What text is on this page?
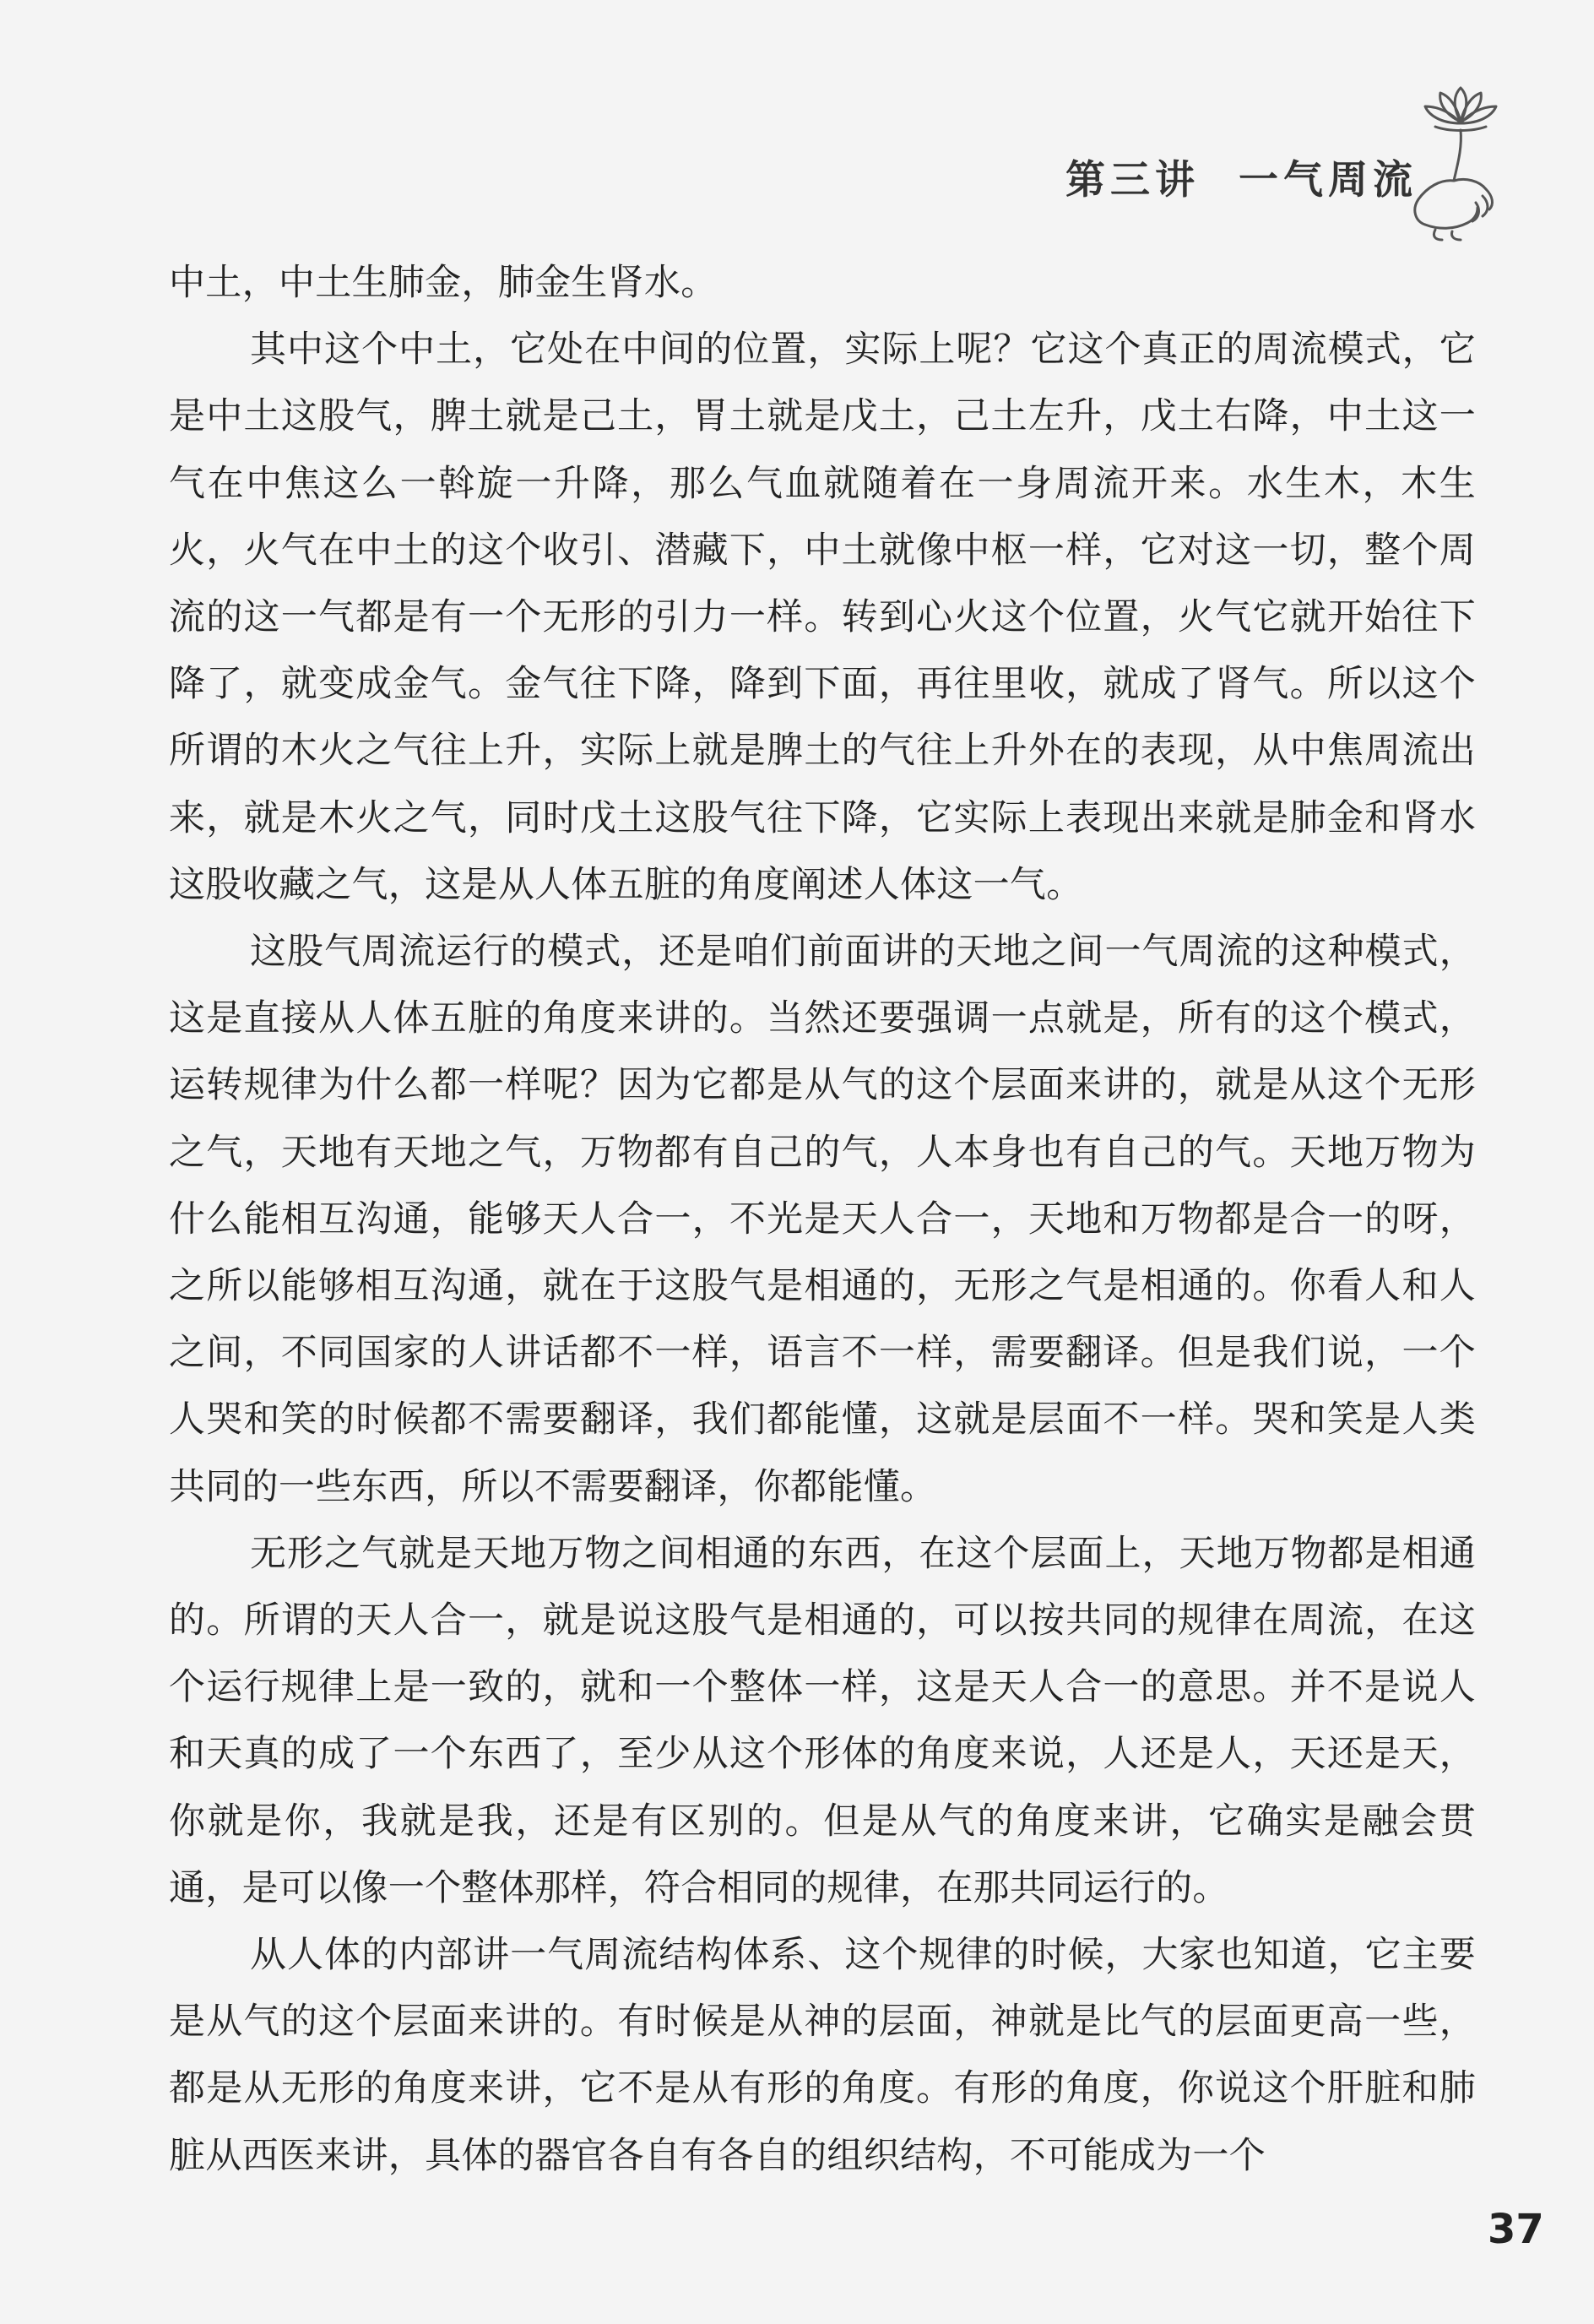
第三讲 一气周流

中土，中土生肺金，肺金生肾水。

其中这个中土，它处在中间的位置，实际上呢？它这个真正的周流模式，它是中土这股气，脾土就是己土，胃土就是戊土，己土左升，戊土右降，中土这一气在中焦这么一斡旋一升降，那么气血就随着在一身周流开来。水生木，木生火，火气在中土的这个收引、潜藏下，中土就像中枢一样，它对这一切，整个周流的这一气都是有一个无形的引力一样。转到心火这个位置，火气它就开始往下降了，就变成金气。金气往下降，降到下面，再往里收，就成了肾气。所以这个所谓的木火之气往上升，实际上就是脾土的气往上升外在的表现，从中焦周流出来，就是木火之气，同时戊土这股气往下降，它实际上表现出来就是肺金和肾水这股收藏之气，这是从人体五脏的角度阐述人体这一气。

这股气周流运行的模式，还是咱们前面讲的天地之间一气周流的这种模式，这是直接从人体五脏的角度来讲的。当然还要强调一点就是，所有的这个模式，运转规律为什么都一样呢？因为它都是从气的这个层面来讲的，就是从这个无形之气，天地有天地之气，万物都有自己的气，人本身也有自己的气。天地万物为什么能相互沟通，能够天人合一，不光是天人合一，天地和万物都是合一的呀，之所以能够相互沟通，就在于这股气是相通的，无形之气是相通的。你看人和人之间，不同国家的人讲话都不一样，语言不一样，需要翻译。但是我们说，一个人哭和笑的时候都不需要翻译，我们都能懂，这就是层面不一样。哭和笑是人类共同的一些东西，所以不需要翻译，你都能懂。

无形之气就是天地万物之间相通的东西，在这个层面上，天地万物都是相通的。所谓的天人合一，就是说这股气是相通的，可以按共同的规律在周流，在这个运行规律上是一致的，就和一个整体一样，这是天人合一的意思。并不是说人和天真的成了一个东西了，至少从这个形体的角度来说，人还是人，天还是天，你就是你，我就是我，还是有区别的。但是从气的角度来讲，它确实是融会贯通，是可以像一个整体那样，符合相同的规律，在那共同运行的。

从人体的内部讲一气周流结构体系、这个规律的时候，大家也知道，它主要是从气的这个层面来讲的。有时候是从神的层面，神就是比气的层面更高一些，都是从无形的角度来讲，它不是从有形的角度。有形的角度，你说这个肝脏和肺脏从西医来讲，具体的器官各自有各自的组织结构，不可能成为一个

37
